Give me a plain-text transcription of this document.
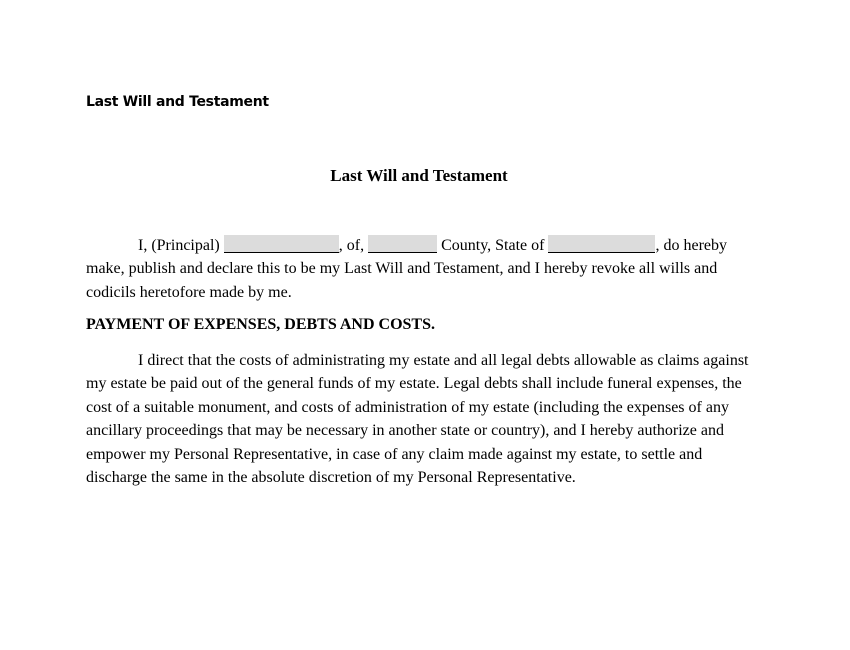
Last Will and Testament
Last Will and Testament

I, (Principal)	, of,	County, State of	, do hereby make, publish and declare this to be my Last Will and Testament, and I hereby revoke all wills and codicils heretofore made by me.

PAYMENT OF EXPENSES, DEBTS AND COSTS.

I direct that the costs of administrating my estate and all legal debts allowable as claims against my estate be paid out of the general funds of my estate. Legal debts shall include funeral expenses, the cost of a suitable monument, and costs of administration of my estate (including the expenses of any ancillary proceedings that may be necessary in another state or country), and I hereby authorize and empower my Personal Representative, in case of any claim made against my estate, to settle and discharge the same in the absolute discretion of my Personal Representative.
